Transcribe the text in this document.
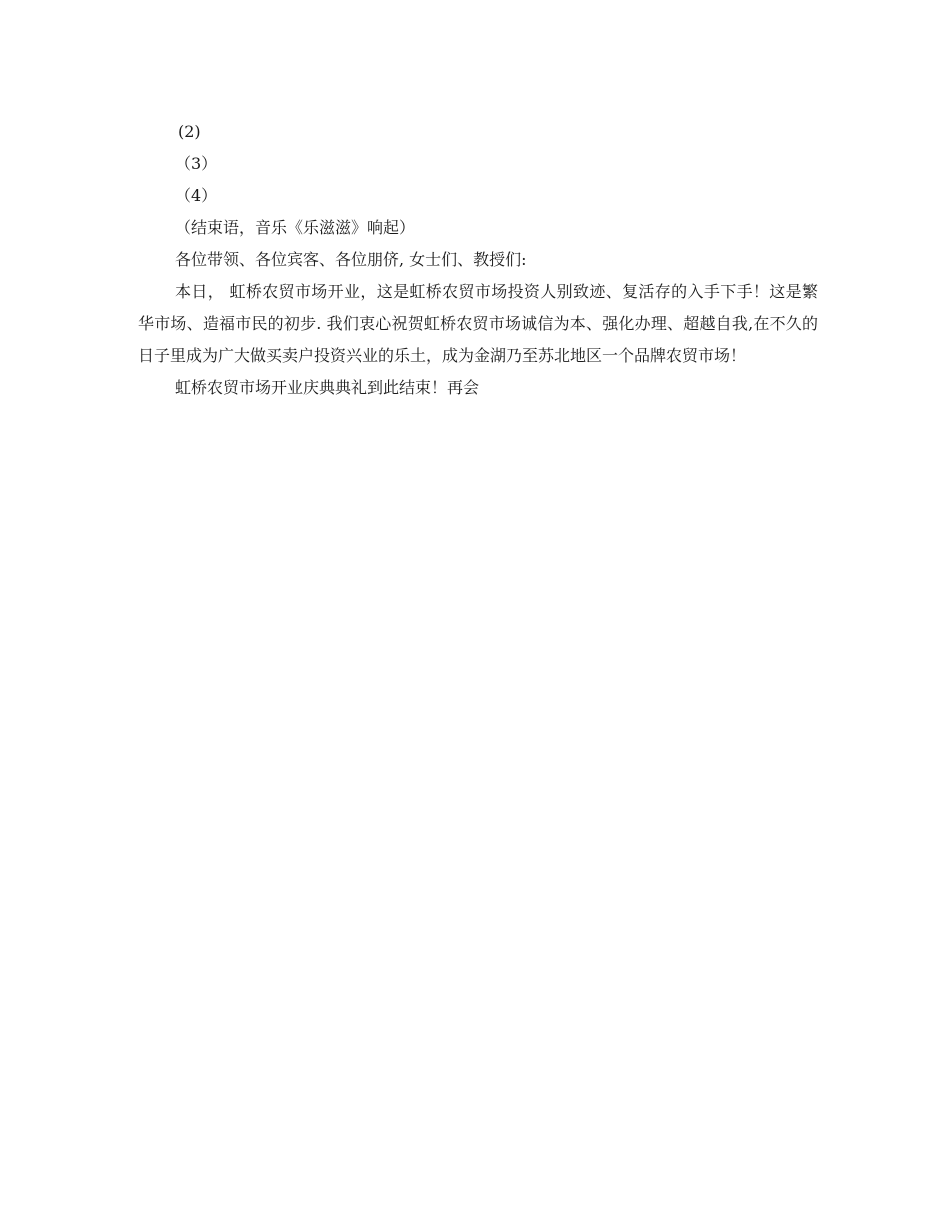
(2)

（3）

（4）

（结束语，音乐《乐滋滋》响起）

各位带领、各位宾客、各位朋侪, 女士们、教授们:

本日， 虹桥农贸市场开业，这是虹桥农贸市场投资人别致迹、复活存的入手下手！这是繁华市场、造福市民的初步. 我们衷心祝贺虹桥农贸市场诚信为本、强化办理、超越自我,在不久的日子里成为广大做买卖户投资兴业的乐土，成为金湖乃至苏北地区一个品牌农贸市场！

虹桥农贸市场开业庆典典礼到此结束！再会
